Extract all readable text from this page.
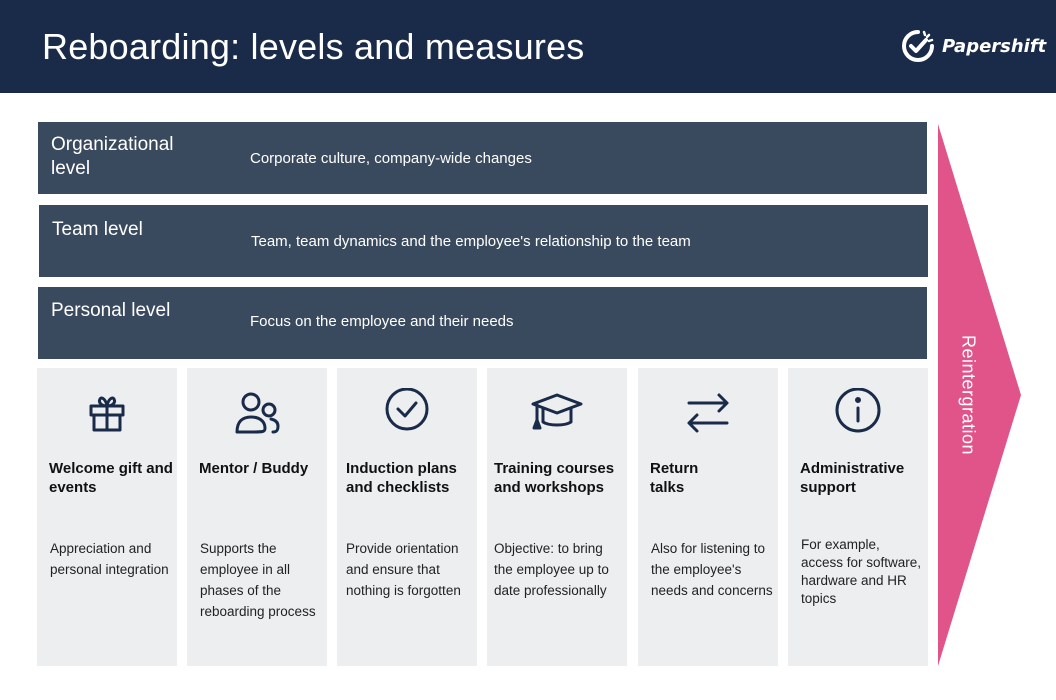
Reboarding: levels and measures	Papershift
Organizational level	Corporate culture, company-wide changes
Team level
Team, team dynamics and the employee's relationship to the team
Personal level
Focus on the employee and their needs
Reintergration
Welcome gift and events
Appreciation and personal integration
Mentor / Buddy
Supports the employee in all phases of the reboarding process
Induction plans and checklists
Provide orientation and ensure that nothing is forgotten
Training courses and workshops
Objective: to bring the employee up to date professionally
Return talks
Also for listening to the employee's needs and concerns
Administrative support
For example, access for software, hardware and HR topics
